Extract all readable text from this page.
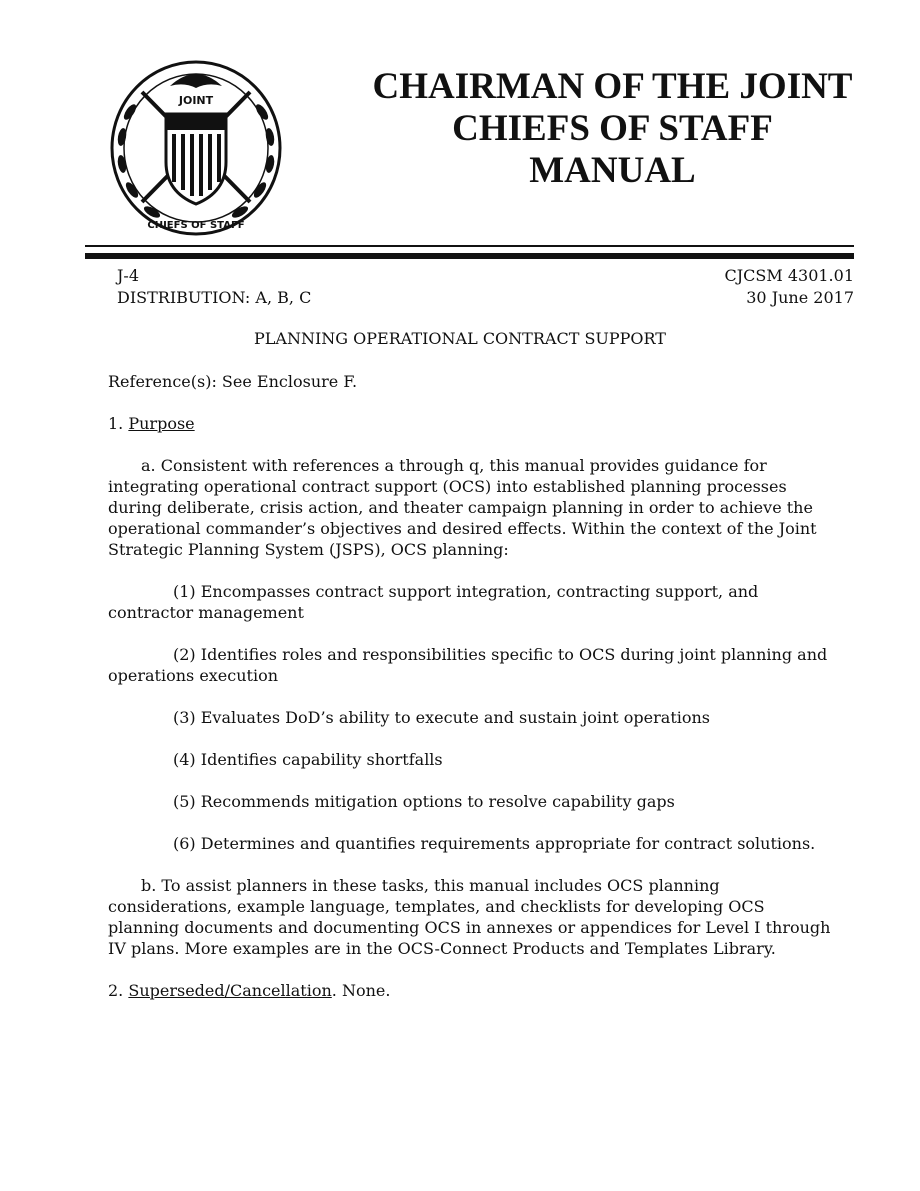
JOINT
CHIEFS OF STAFF
CHAIRMAN OF THE JOINT
CHIEFS OF STAFF
MANUAL
J-4
DISTRIBUTION: A, B, C
CJCSM 4301.01
30 June 2017
PLANNING OPERATIONAL CONTRACT SUPPORT

Reference(s): See Enclosure F.

1. Purpose

a. Consistent with references a through q, this manual provides guidance for integrating operational contract support (OCS) into established planning processes during deliberate, crisis action, and theater campaign planning in order to achieve the operational commander’s objectives and desired effects. Within the context of the Joint Strategic Planning System (JSPS), OCS planning:

(1) Encompasses contract support integration, contracting support, and contractor management

(2) Identifies roles and responsibilities specific to OCS during joint planning and operations execution

(3) Evaluates DoD’s ability to execute and sustain joint operations

(4) Identifies capability shortfalls

(5) Recommends mitigation options to resolve capability gaps

(6) Determines and quantifies requirements appropriate for contract solutions.

b. To assist planners in these tasks, this manual includes OCS planning considerations, example language, templates, and checklists for developing OCS planning documents and documenting OCS in annexes or appendices for Level I through IV plans. More examples are in the OCS-Connect Products and Templates Library.

2. Superseded/Cancellation. None.
